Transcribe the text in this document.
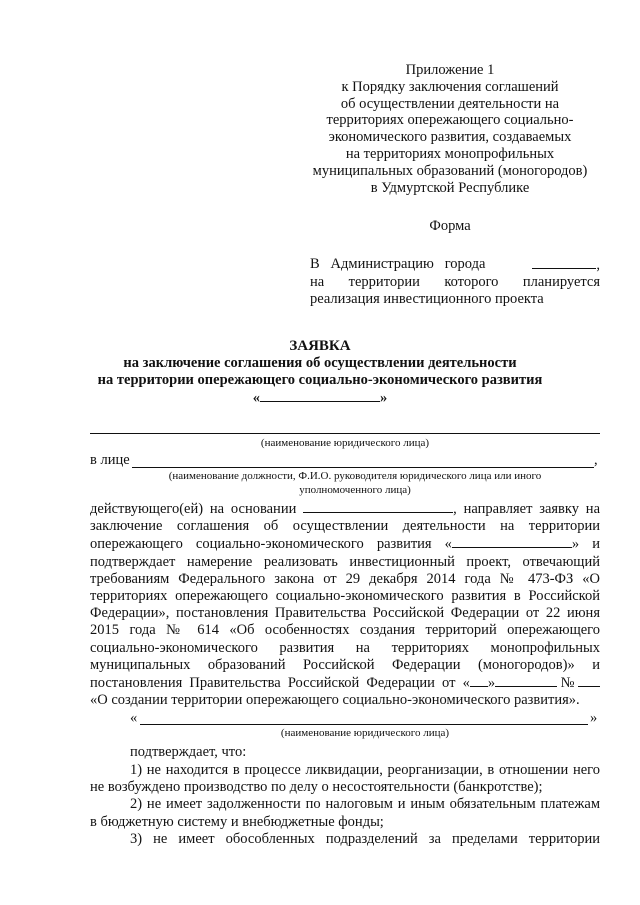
Приложение 1
к Порядку заключения соглашений
об осуществлении деятельности на
территориях опережающего социально-
экономического развития, создаваемых
на территориях монопрофильных
муниципальных образований (моногородов)
в Удмуртской Республике
Форма
В   Администрацию   города	,
на территории которого планируется
реализация инвестиционного проекта
ЗАЯВКА
на заключение соглашения об осуществлении деятельности
на территории опережающего социально-экономического развития
«	»
(наименование юридического лица)
в лице	,
(наименование должности, Ф.И.О. руководителя юридического лица или иного
уполномоченного лица)
действующего(ей) на основании	, направляет заявку на
заключение соглашения об осуществлении деятельности на территории
опережающего социально-экономического развития «	» и
подтверждает намерение реализовать инвестиционный проект, отвечающий
требованиям Федерального закона от 29 декабря 2014 года № 473-ФЗ «О
территориях опережающего социально-экономического развития в Российской
Федерации», постановления Правительства Российской Федерации от 22 июня
2015 года № 614 «Об особенностях создания территорий опережающего
социально-экономического развития на территориях монопрофильных
муниципальных образований Российской Федерации (моногородов)» и
постановления Правительства Российской Федерации от « »	№
«О создании территории опережающего социально-экономического развития».
«	»
(наименование юридического лица)
подтверждает, что:
1) не находится в процессе ликвидации, реорганизации, в отношении него
не возбуждено производство по делу о несостоятельности (банкротстве);
2) не имеет задолженности по налоговым и иным обязательным платежам
в бюджетную систему и внебюджетные фонды;
3) не имеет обособленных подразделений за пределами территории
